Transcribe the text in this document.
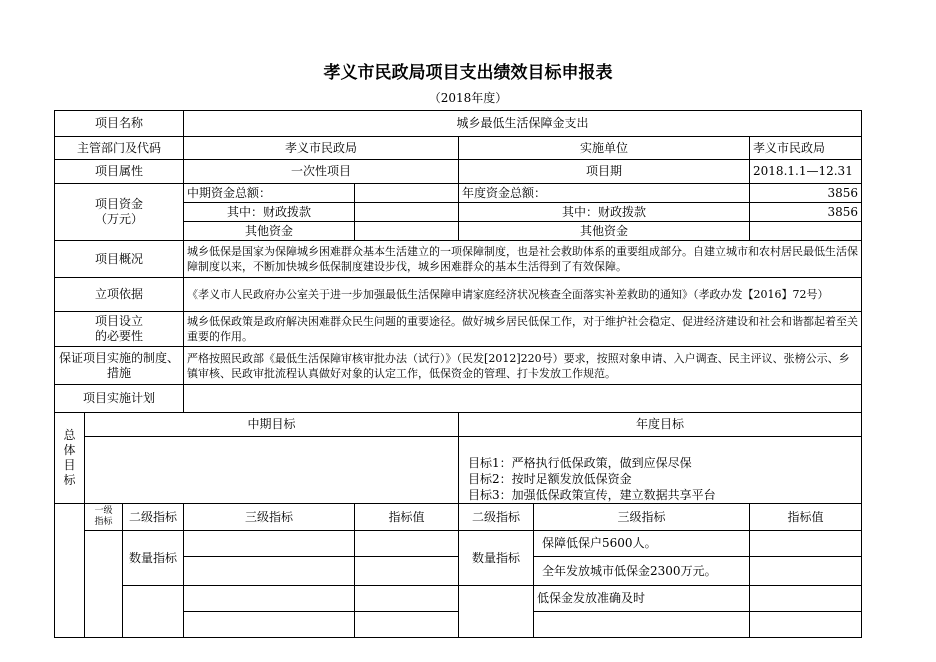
孝义市民政局项目支出绩效目标申报表
（2018年度）
项目名称			城乡最低生活保障金支出				
主管部门及代码			孝义市民政局		实施单位		孝义市民政局
项目属性			一次性项目		项目期		2018.1.1—12.31

项目资金
（万元）			中期资金总额：		年度资金总额：		3856
			其中：财政拨款		其中：财政拨款		3856
			其他资金		其他资金		
项目概况			城乡低保是国家为保障城乡困难群众基本生活建立的一项保障制度，也是社会救助体系的重要组成部分。自建立城市和农村居民最低生活保障制度以来，不断加快城乡低保制度建设步伐，城乡困难群众的基本生活得到了有效保障。				
立项依据			《孝义市人民政府办公室关于进一步加强最低生活保障申请家庭经济状况核查全面落实补差救助的通知》（孝政办发【2016】72号）				

项目设立
的必要性			城乡低保政策是政府解决困难群众民生问题的重要途径。做好城乡居民低保工作，对于维护社会稳定、促进经济建设和社会和谐都起着至关重要的作用。				

保证项目实施的制度、
措施			严格按照民政部《最低生活保障审核审批办法（试行）》（民发[2012]220号）要求，按照对象申请、入户调查、民主评议、张榜公示、乡镇审核、民政审批流程认真做好对象的认定工作，低保资金的管理、打卡发放工作规范。				
项目实施计划							

总
体
目
标	中期目标				年度目标		

					目标1：严格执行低保政策，做到应保尽保
目标2：按时足额发放低保资金
目标3：加强低保政策宣传，建立数据共享平台		

	一级
指标	二级指标	三级指标	指标值	二级指标	三级指标	指标值
		数量指标			数量指标	保障低保户5600人。	
						全年发放城市低保金2300万元。	
						低保金发放准确及时	
